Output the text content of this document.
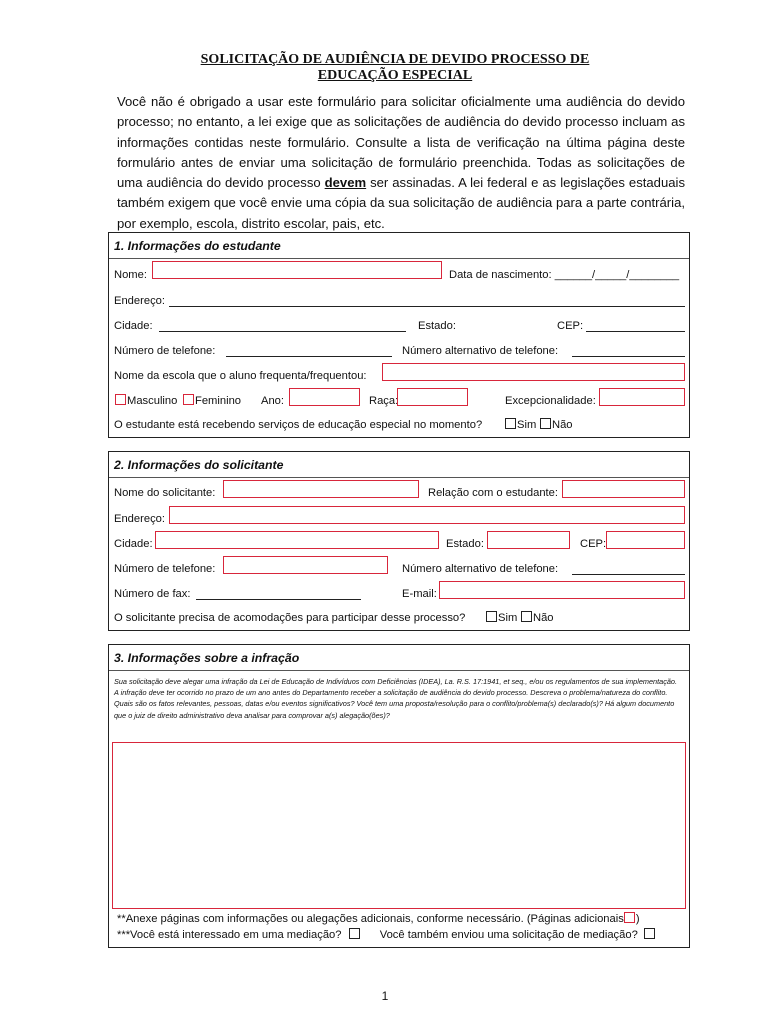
SOLICITAÇÃO DE AUDIÊNCIA DE DEVIDO PROCESSO DE
EDUCAÇÃO ESPECIAL
Você não é obrigado a usar este formulário para solicitar oficialmente uma audiência do devido processo; no entanto, a lei exige que as solicitações de audiência do devido processo incluam as informações contidas neste formulário. Consulte a lista de verificação na última página deste formulário antes de enviar uma solicitação de formulário preenchida. Todas as solicitações de uma audiência do devido processo devem ser assinadas. A lei federal e as legislações estaduais também exigem que você envie uma cópia da sua solicitação de audiência para a parte contrária, por exemplo, escola, distrito escolar, pais, etc.
1. Informações do estudante
Nome:	Data de nascimento: ______/_____/________
Endereço:
Cidade:	Estado:	CEP:
Número de telefone:	Número alternativo de telefone:
Nome da escola que o aluno frequenta/frequentou:
Masculino	Feminino Ano:	Raça:	Excepcionalidade:
O estudante está recebendo serviços de educação especial no momento?	Sim	Não
2. Informações do solicitante
Nome do solicitante:	Relação com o estudante:
Endereço:
Cidade:	Estado:	CEP:
Número de telefone:	Número alternativo de telefone:
Número de fax:	E-mail:
O solicitante precisa de acomodações para participar desse processo?	Sim	Não
3. Informações sobre a infração
Sua solicitação deve alegar uma infração da Lei de Educação de Indivíduos com Deficiências (IDEA), La. R.S. 17:1941, et seq., e/ou os regulamentos de sua implementação. A infração deve ter ocorrido no prazo de um ano antes do Departamento receber a solicitação de audiência do devido processo. Descreva o problema/natureza do conflito. Quais são os fatos relevantes, pessoas, datas e/ou eventos significativos? Você tem uma proposta/resolução para o conflito/problema(s) declarado(s)? Há algum documento que o juiz de direito administrativo deva analisar para comprovar a(s) alegação(ões)?
**Anexe páginas com informações ou alegações adicionais, conforme necessário. (Páginas adicionais )
***Você está interessado em uma mediação?	Você também enviou uma solicitação de mediação?
1
